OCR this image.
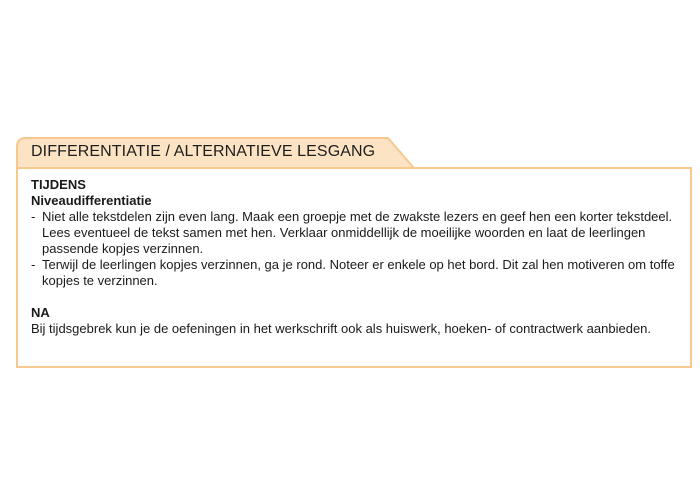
DIFFERENTIATIE / ALTERNATIEVE LESGANG

TIJDENS

Niveaudifferentiatie

- Niet alle tekstdelen zijn even lang. Maak een groepje met de zwakste lezers en geef hen een korter tekstdeel. Lees eventueel de tekst samen met hen. Verklaar onmiddellijk de moeilijke woorden en laat de leerlingen passende kopjes verzinnen.
- Terwijl de leerlingen kopjes verzinnen, ga je rond. Noteer er enkele op het bord. Dit zal hen motiveren om toffe kopjes te verzinnen.

NA

Bij tijdsgebrek kun je de oefeningen in het werkschrift ook als huiswerk, hoeken- of contractwerk aanbieden.
